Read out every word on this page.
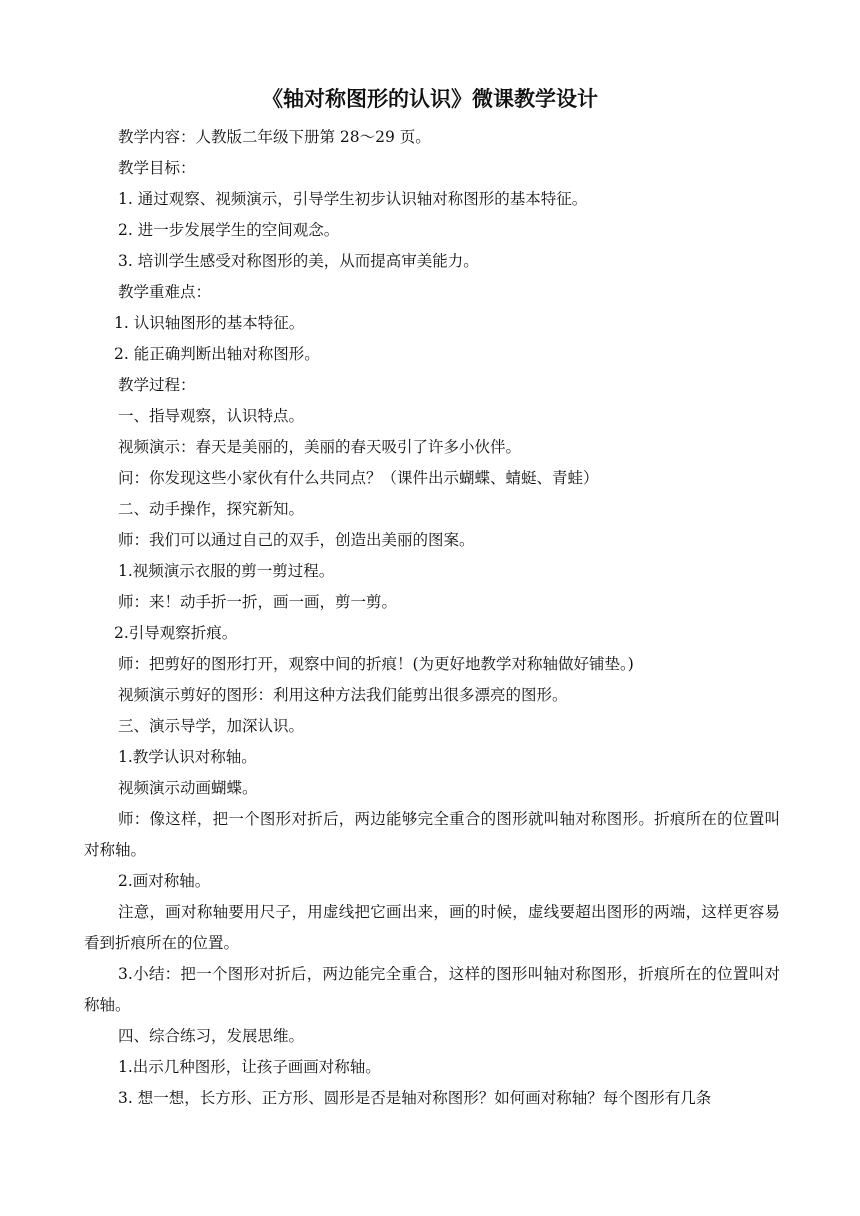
《轴对称图形的认识》微课教学设计

教学内容：人教版二年级下册第 28～29 页。

教学目标：

1. 通过观察、视频演示，引导学生初步认识轴对称图形的基本特征。

2. 进一步发展学生的空间观念。

3. 培训学生感受对称图形的美，从而提高审美能力。

教学重难点：

1. 认识轴图形的基本特征。

2. 能正确判断出轴对称图形。

教学过程：

一、指导观察，认识特点。

视频演示：春天是美丽的，美丽的春天吸引了许多小伙伴。

问：你发现这些小家伙有什么共同点？（课件出示蝴蝶、蜻蜓、青蛙）

二、动手操作，探究新知。

师：我们可以通过自己的双手，创造出美丽的图案。

1.视频演示衣服的剪一剪过程。

师：来！动手折一折，画一画，剪一剪。

2.引导观察折痕。

师：把剪好的图形打开，观察中间的折痕！(为更好地教学对称轴做好铺垫。)

视频演示剪好的图形：利用这种方法我们能剪出很多漂亮的图形。

三、演示导学，加深认识。

1.教学认识对称轴。

视频演示动画蝴蝶。

师：像这样，把一个图形对折后，两边能够完全重合的图形就叫轴对称图形。折痕所在的位置叫对称轴。

2.画对称轴。

注意，画对称轴要用尺子，用虚线把它画出来，画的时候，虚线要超出图形的两端，这样更容易看到折痕所在的位置。

3.小结：把一个图形对折后，两边能完全重合，这样的图形叫轴对称图形，折痕所在的位置叫对称轴。

四、综合练习，发展思维。

1.出示几种图形，让孩子画画对称轴。

3. 想一想，长方形、正方形、圆形是否是轴对称图形？如何画对称轴？每个图形有几条
